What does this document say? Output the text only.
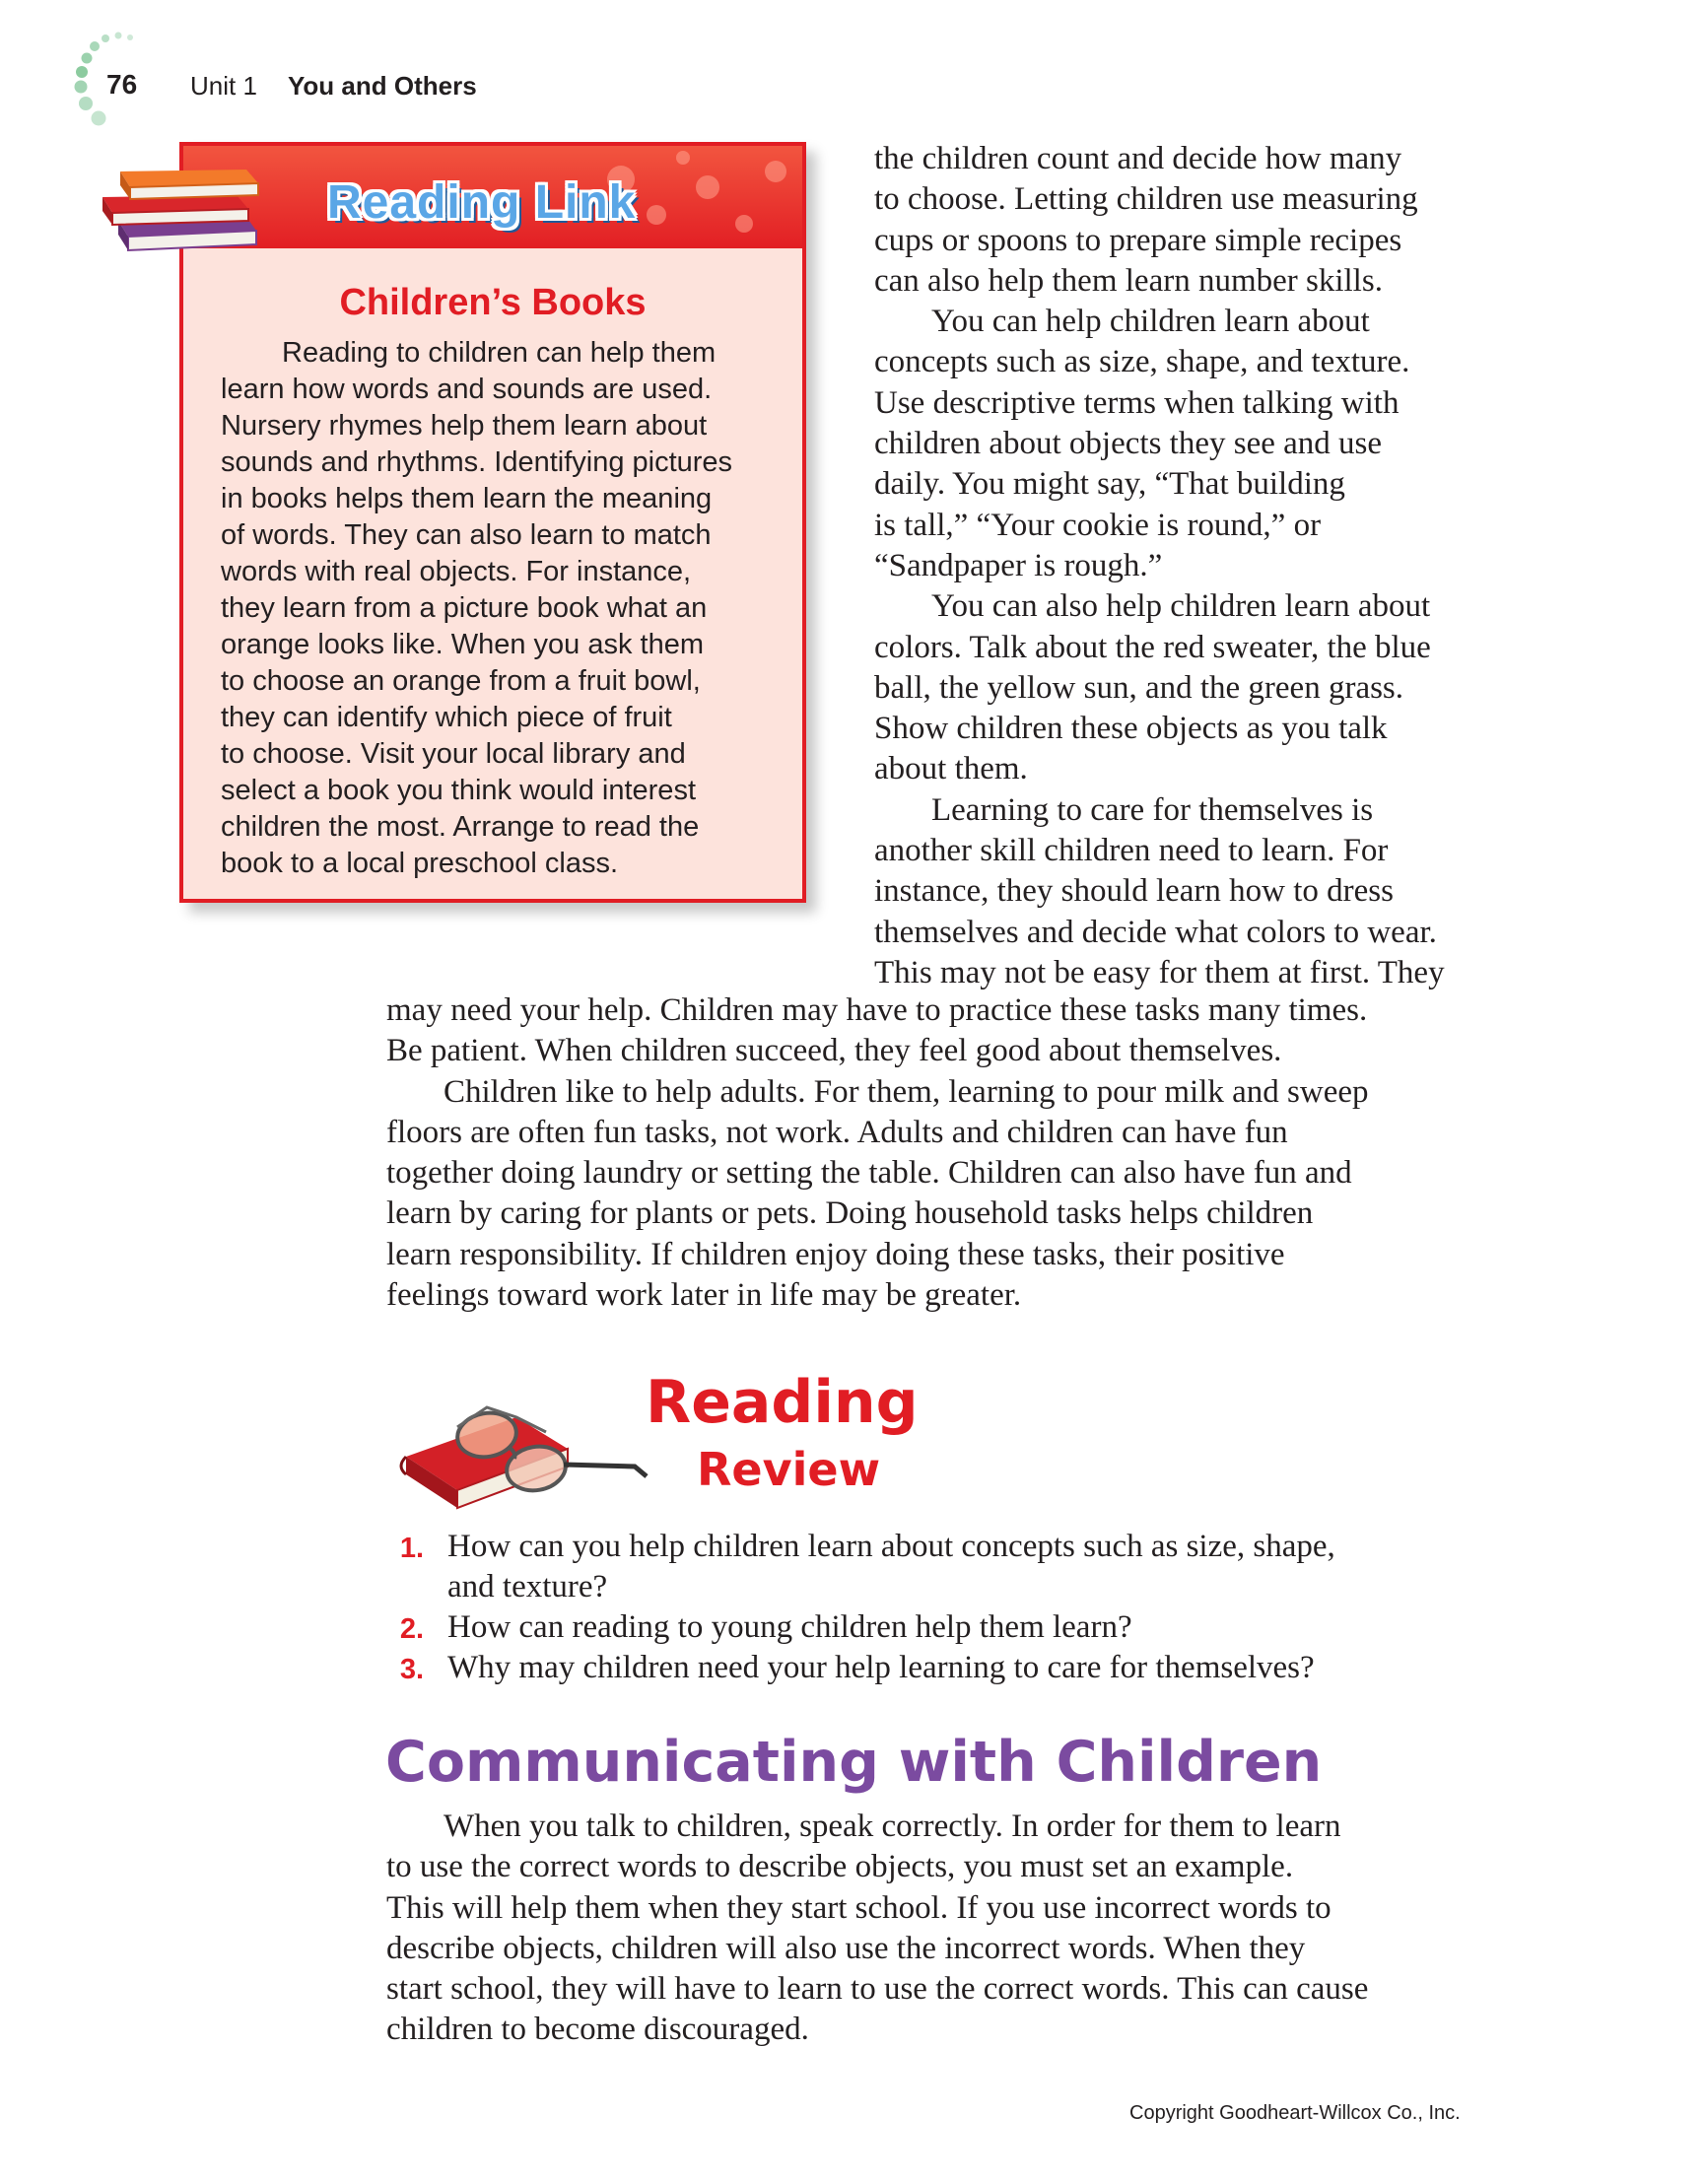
76 Unit 1 You and Others
Reading Link
Children’s Books
Reading to children can help them
learn how words and sounds are used.
Nursery rhymes help them learn about
sounds and rhythms. Identifying pictures
in books helps them learn the meaning
of words. They can also learn to match
words with real objects. For instance,
they learn from a picture book what an
orange looks like. When you ask them
to choose an orange from a fruit bowl,
they can identify which piece of fruit
to choose. Visit your local library and
select a book you think would interest
children the most. Arrange to read the
book to a local preschool class.
the children count and decide how many
to choose. Letting children use measuring
cups or spoons to prepare simple recipes
can also help them learn number skills.
You can help children learn about
concepts such as size, shape, and texture.
Use descriptive terms when talking with
children about objects they see and use
daily. You might say, “That building
is tall,” “Your cookie is round,” or
“Sandpaper is rough.”
You can also help children learn about
colors. Talk about the red sweater, the blue
ball, the yellow sun, and the green grass.
Show children these objects as you talk
about them.
Learning to care for themselves is
another skill children need to learn. For
instance, they should learn how to dress
themselves and decide what colors to wear.
This may not be easy for them at first. They
may need your help. Children may have to practice these tasks many times.
Be patient. When children succeed, they feel good about themselves.
Children like to help adults. For them, learning to pour milk and sweep
floors are often fun tasks, not work. Adults and children can have fun
together doing laundry or setting the table. Children can also have fun and
learn by caring for plants or pets. Doing household tasks helps children
learn responsibility. If children enjoy doing these tasks, their positive
feelings toward work later in life may be greater.
Reading
Review
1. How can you help children learn about concepts such as size, shape,
and texture?
2. How can reading to young children help them learn?
3. Why may children need your help learning to care for themselves?
Communicating with Children
When you talk to children, speak correctly. In order for them to learn
to use the correct words to describe objects, you must set an example.
This will help them when they start school. If you use incorrect words to
describe objects, children will also use the incorrect words. When they
start school, they will have to learn to use the correct words. This can cause
children to become discouraged.
Copyright Goodheart-Willcox Co., Inc.
